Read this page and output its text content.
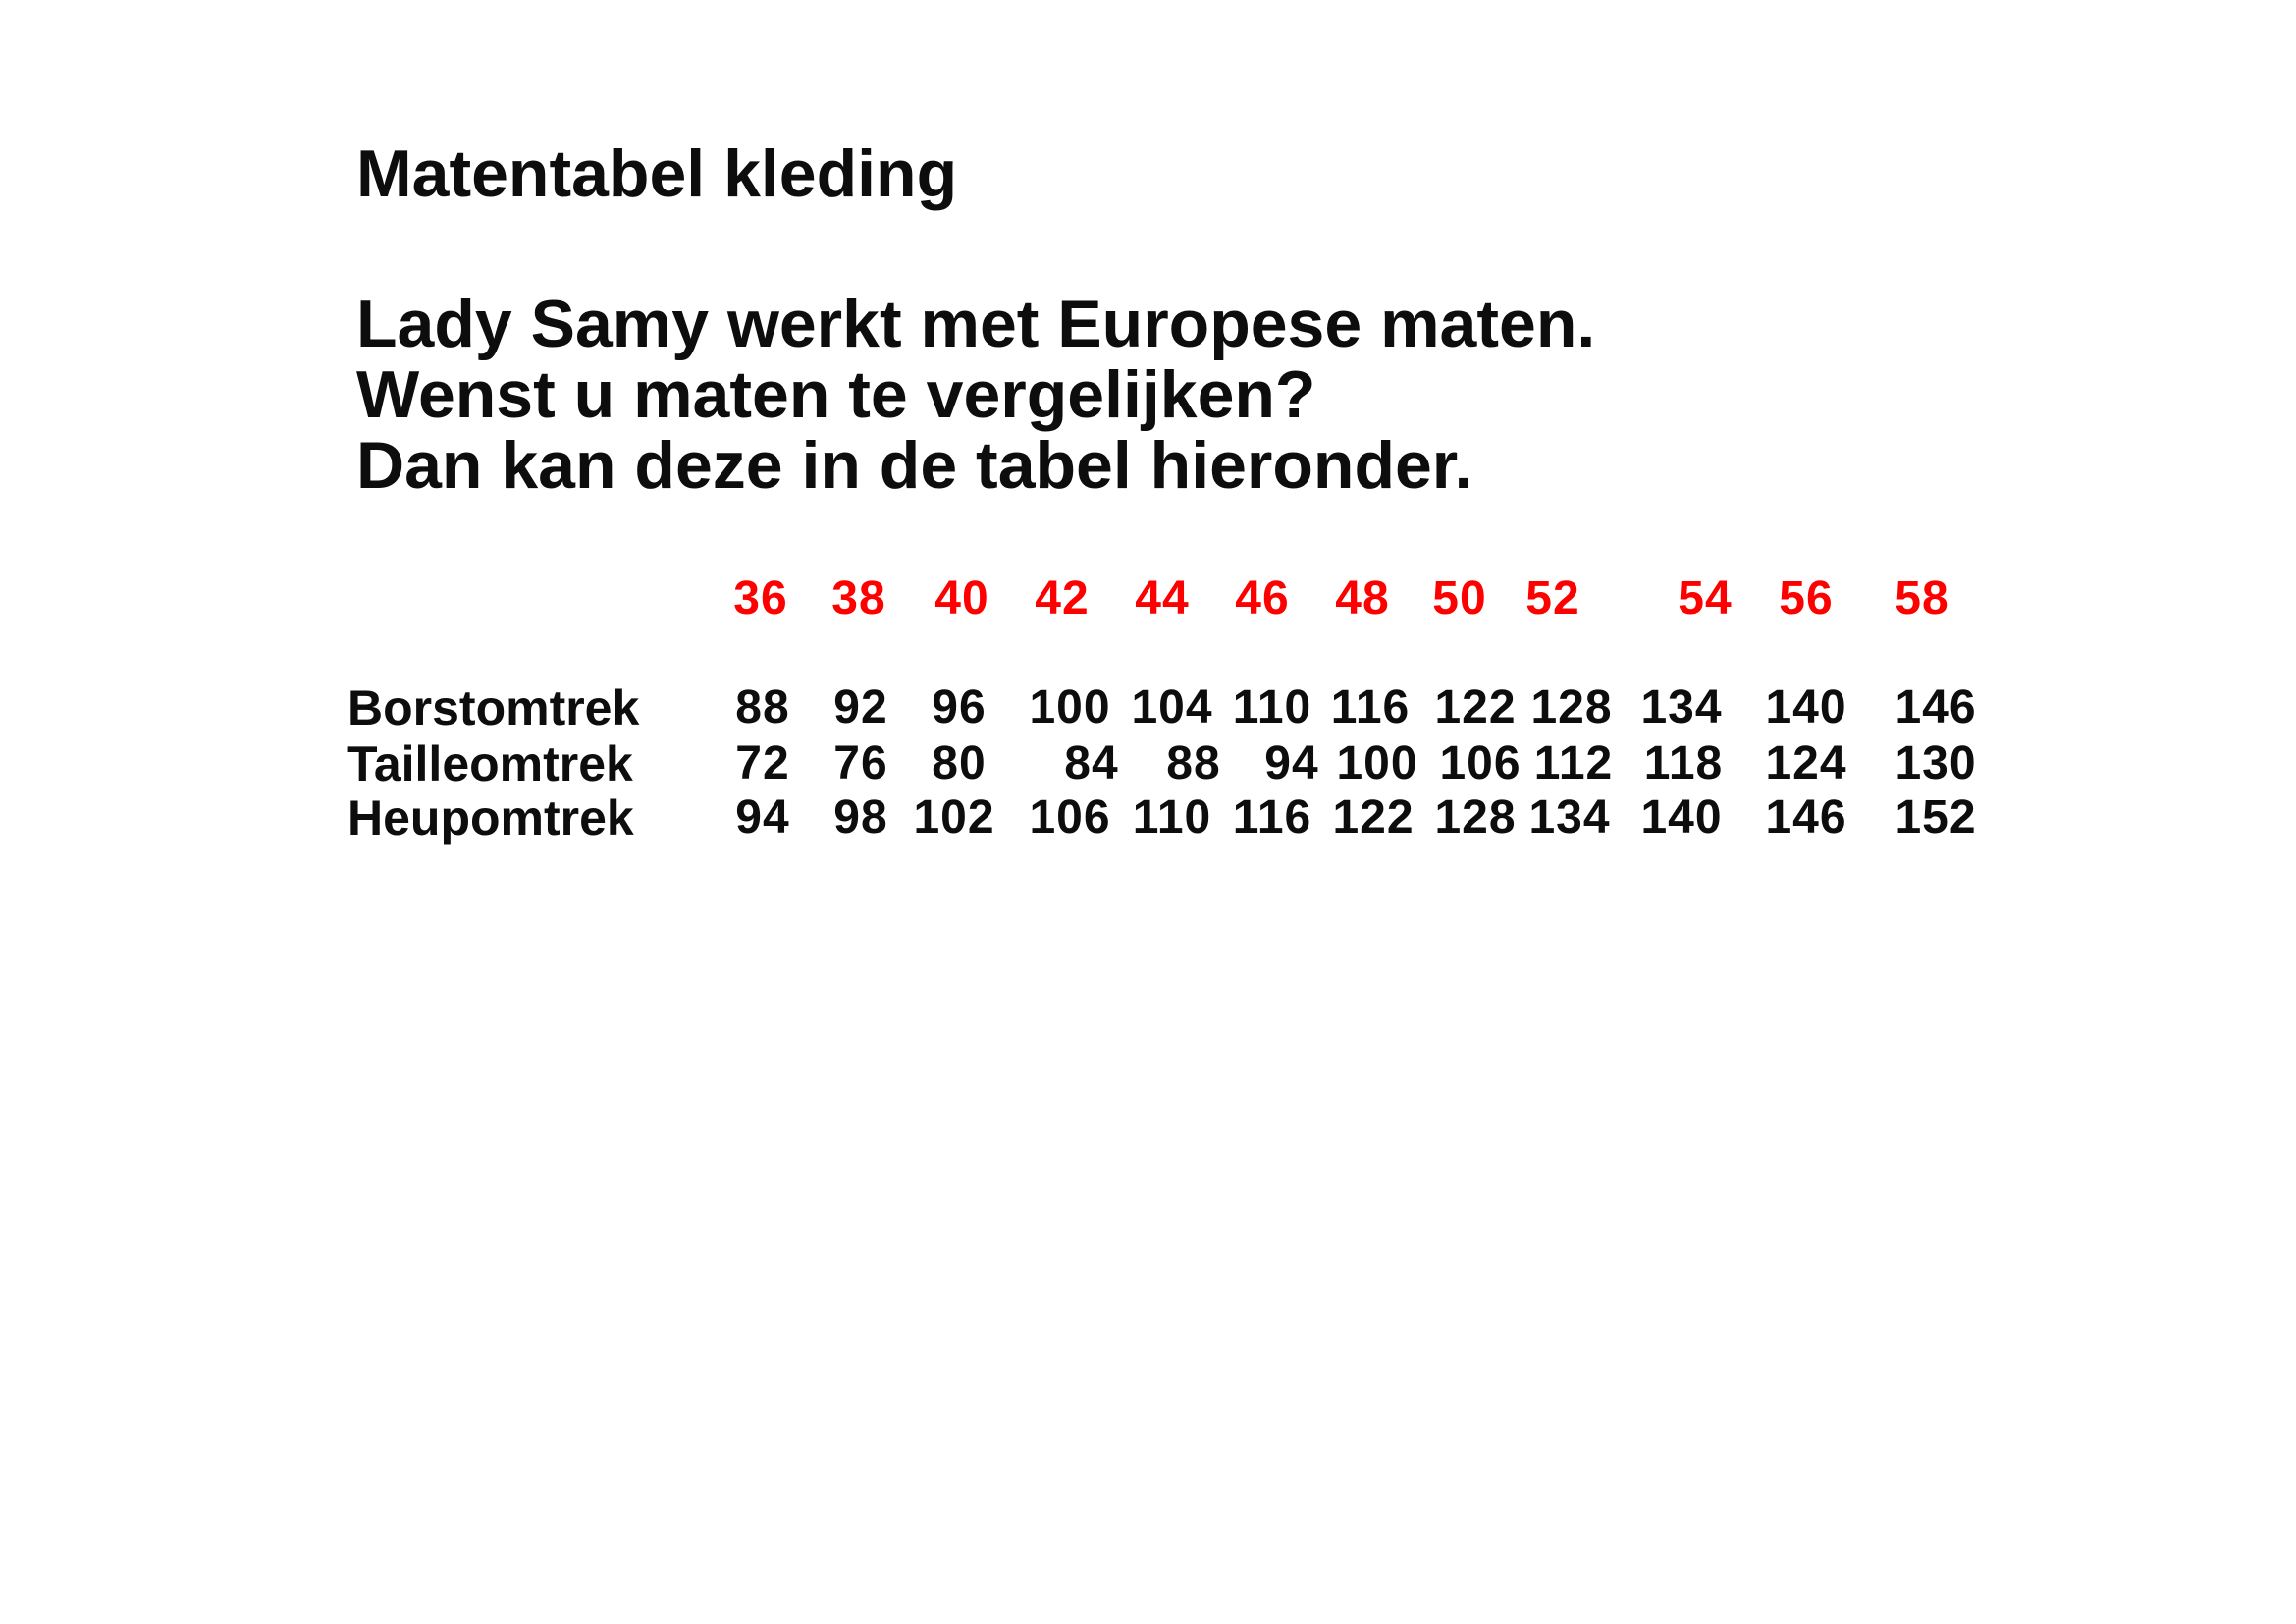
Matentabel kleding
Lady Samy werkt met Europese maten.
Wenst u maten te vergelijken?
Dan kan deze in de tabel hieronder.
36 38 40 42 44 46 48 50 52 54 56 58
Borstomtrek 88 92 96 100 104 110 116 122 128 134 140 146
Tailleomtrek 72 76 80 84 88 94 100 106 112 118 124 130
Heupomtrek 94 98 102 106 110 116 122 128 134 140 146 152
